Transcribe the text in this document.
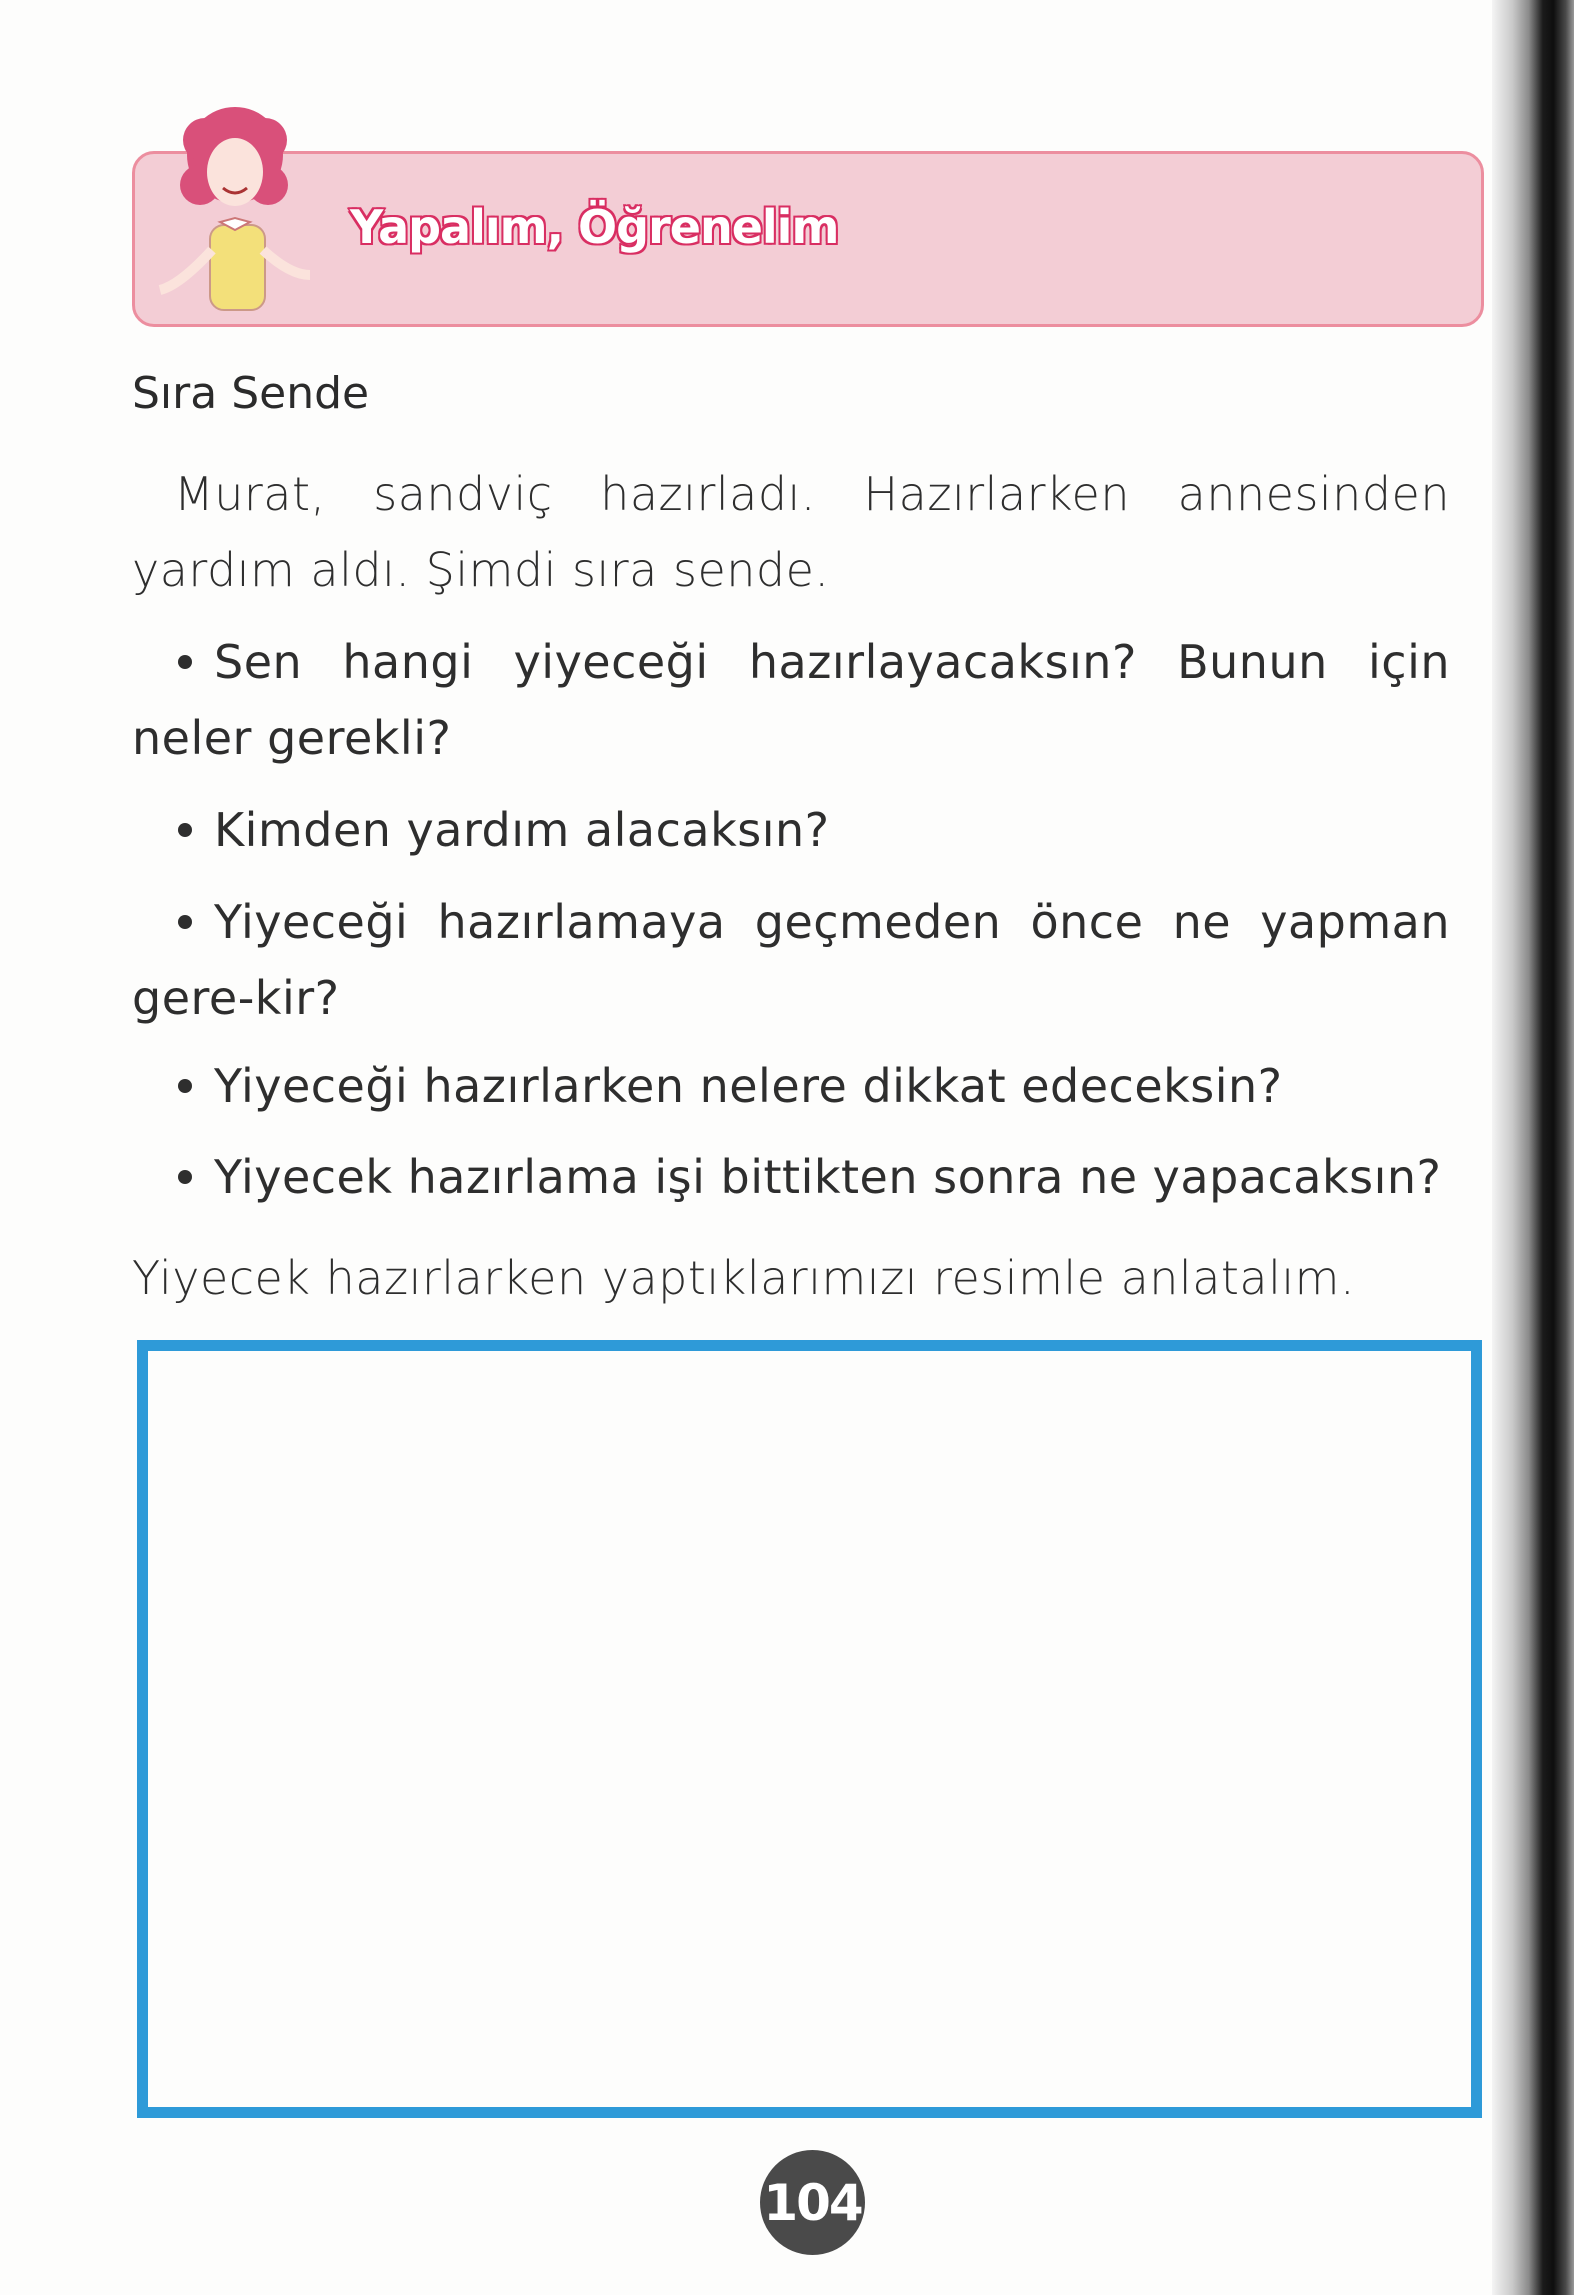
Yapalım, Öğrenelim
Sıra Sende
Murat, sandviç hazırladı. Hazırlarken annesinden yardım aldı. Şimdi sıra sende.
Sen hangi yiyeceği hazırlayacaksın? Bunun için neler gerekli?
Kimden yardım alacaksın?
Yiyeceği hazırlamaya geçmeden önce ne yapman gere-kir?
Yiyeceği hazırlarken nelere dikkat edeceksin?
Yiyecek hazırlama işi bittikten sonra ne yapacaksın?
Yiyecek hazırlarken yaptıklarımızı resimle anlatalım.
104
